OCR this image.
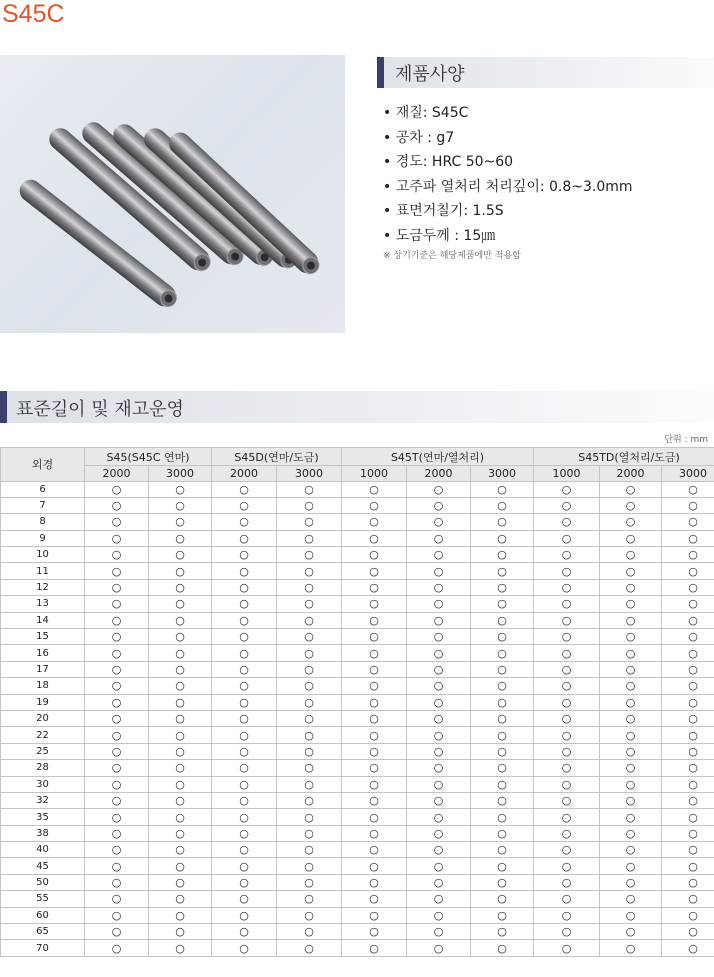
S45C
제품사양
• 재질: S45C
• 공차 : g7
• 경도: HRC 50~60
• 고주파 열처리 처리깊이: 0.8~3.0mm
• 표면거칠기: 1.5S
• 도금두께 : 15㎛
※ 상기기준은 해당제품에만 적용함
표준길이 및 재고운영
단위 : mm
외경	S45(S45C 연마)		S45D(연마/도금)		S45T(연마/열처리)			S45TD(열처리/도금)		
	2000	3000	2000	3000	1000	2000	3000	1000	2000	3000
6	○	○	○	○	○	○	○	○	○	○
7	○	○	○	○	○	○	○	○	○	○
8	○	○	○	○	○	○	○	○	○	○
9	○	○	○	○	○	○	○	○	○	○
10	○	○	○	○	○	○	○	○	○	○
11	○	○	○	○	○	○	○	○	○	○
12	○	○	○	○	○	○	○	○	○	○
13	○	○	○	○	○	○	○	○	○	○
14	○	○	○	○	○	○	○	○	○	○
15	○	○	○	○	○	○	○	○	○	○
16	○	○	○	○	○	○	○	○	○	○
17	○	○	○	○	○	○	○	○	○	○
18	○	○	○	○	○	○	○	○	○	○
19	○	○	○	○	○	○	○	○	○	○
20	○	○	○	○	○	○	○	○	○	○
22	○	○	○	○	○	○	○	○	○	○
25	○	○	○	○	○	○	○	○	○	○
28	○	○	○	○	○	○	○	○	○	○
30	○	○	○	○	○	○	○	○	○	○
32	○	○	○	○	○	○	○	○	○	○
35	○	○	○	○	○	○	○	○	○	○
38	○	○	○	○	○	○	○	○	○	○
40	○	○	○	○	○	○	○	○	○	○
45	○	○	○	○	○	○	○	○	○	○
50	○	○	○	○	○	○	○	○	○	○
55	○	○	○	○	○	○	○	○	○	○
60	○	○	○	○	○	○	○	○	○	○
65	○	○	○	○	○	○	○	○	○	○
70	○	○	○	○	○	○	○	○	○	○
